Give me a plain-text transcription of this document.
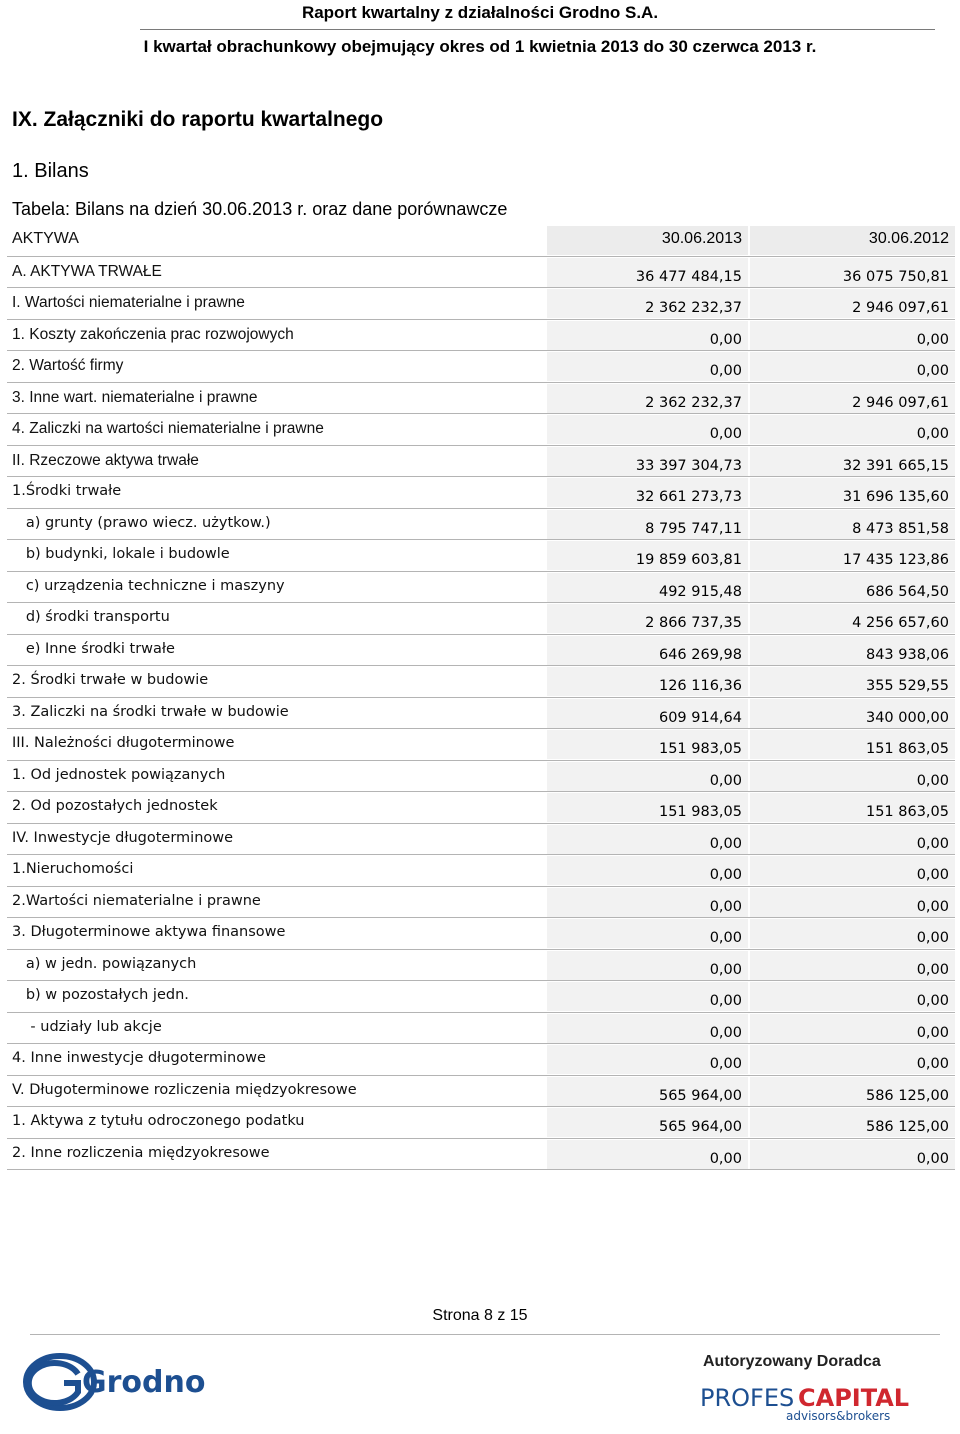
Raport kwartalny z działalności Grodno S.A.
I kwartał obrachunkowy obejmujący okres od 1 kwietnia 2013 do 30 czerwca 2013 r.
IX. Załączniki do raportu kwartalnego
1. Bilans
Tabela: Bilans na dzień 30.06.2013 r. oraz dane porównawcze
AKTYWA	30.06.2013	30.06.2012
A. AKTYWA TRWAŁE	36 477 484,15	36 075 750,81
I. Wartości niematerialne i prawne	2 362 232,37	2 946 097,61
1. Koszty zakończenia prac rozwojowych	0,00	0,00
2. Wartość firmy	0,00	0,00
3. Inne wart. niematerialne i prawne	2 362 232,37	2 946 097,61
4. Zaliczki na wartości niematerialne i prawne	0,00	0,00
II. Rzeczowe aktywa trwałe	33 397 304,73	32 391 665,15
1.Środki trwałe	32 661 273,73	31 696 135,60
a) grunty (prawo wiecz. użytkow.)	8 795 747,11	8 473 851,58
b) budynki, lokale i budowle	19 859 603,81	17 435 123,86
c) urządzenia techniczne i maszyny	492 915,48	686 564,50
d) środki transportu	2 866 737,35	4 256 657,60
e) Inne środki trwałe	646 269,98	843 938,06
2. Środki trwałe w budowie	126 116,36	355 529,55
3. Zaliczki na środki trwałe w budowie	609 914,64	340 000,00
III. Należności długoterminowe	151 983,05	151 863,05
1. Od jednostek powiązanych	0,00	0,00
2. Od pozostałych jednostek	151 983,05	151 863,05
IV. Inwestycje długoterminowe	0,00	0,00
1.Nieruchomości	0,00	0,00
2.Wartości niematerialne i prawne	0,00	0,00
3. Długoterminowe aktywa finansowe	0,00	0,00
a) w jedn. powiązanych	0,00	0,00
b) w pozostałych jedn.	0,00	0,00
- udziały lub akcje	0,00	0,00
4. Inne inwestycje długoterminowe	0,00	0,00
V. Długoterminowe rozliczenia międzyokresowe	565 964,00	586 125,00
1. Aktywa z tytułu odroczonego podatku	565 964,00	586 125,00
2. Inne rozliczenia międzyokresowe	0,00	0,00
Strona 8 z 15
Grodno
Autoryzowany Doradca
PROFES CAPITAL
advisors&brokers
